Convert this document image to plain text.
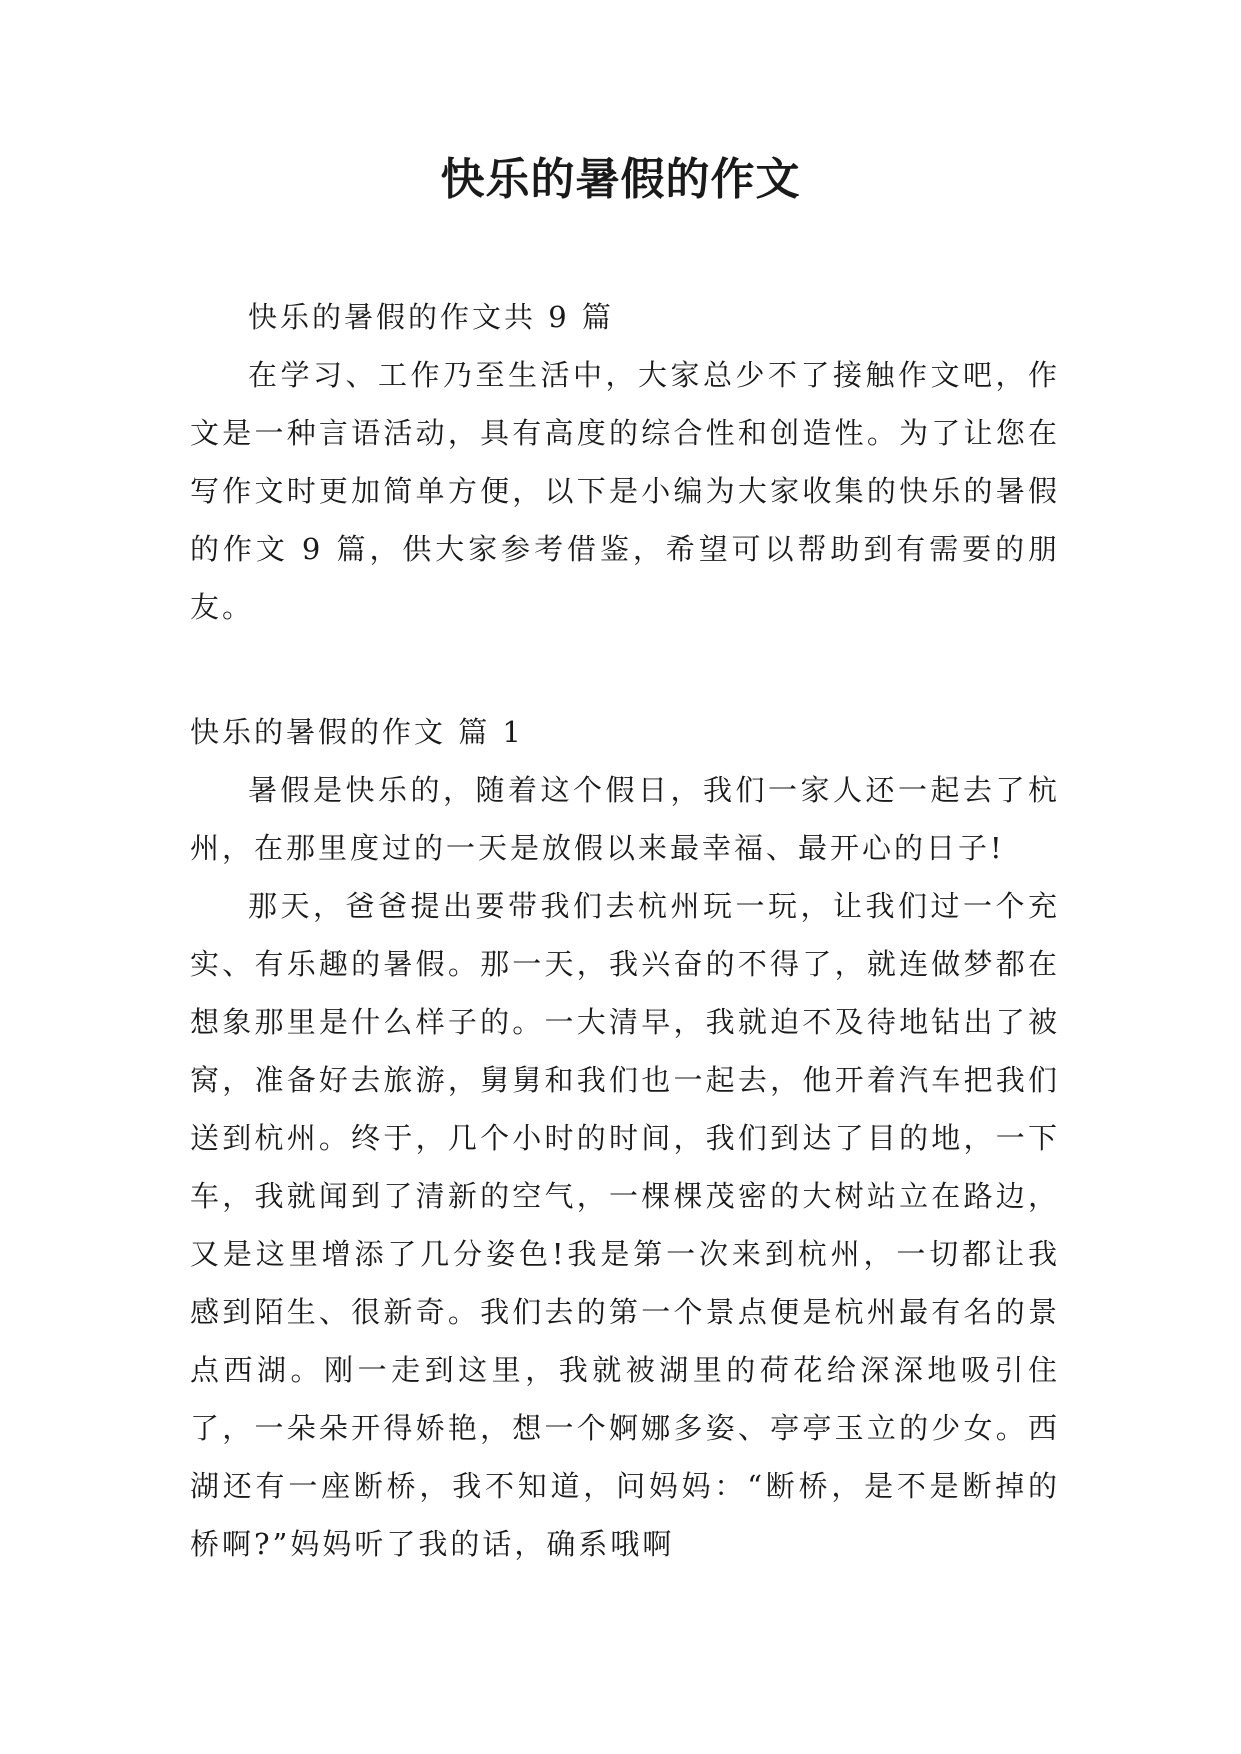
快乐的暑假的作文

快乐的暑假的作文共 9 篇

在学习、工作乃至生活中，大家总少不了接触作文吧，作文是一种言语活动，具有高度的综合性和创造性。为了让您在写作文时更加简单方便，以下是小编为大家收集的快乐的暑假的作文 9 篇，供大家参考借鉴，希望可以帮助到有需要的朋友。

快乐的暑假的作文 篇 1

暑假是快乐的，随着这个假日，我们一家人还一起去了杭州，在那里度过的一天是放假以来最幸福、最开心的日子!

那天，爸爸提出要带我们去杭州玩一玩，让我们过一个充实、有乐趣的暑假。那一天，我兴奋的不得了，就连做梦都在想象那里是什么样子的。一大清早，我就迫不及待地钻出了被窝，准备好去旅游，舅舅和我们也一起去，他开着汽车把我们送到杭州。终于，几个小时的时间，我们到达了目的地，一下车，我就闻到了清新的空气，一棵棵茂密的大树站立在路边，又是这里增添了几分姿色!我是第一次来到杭州，一切都让我感到陌生、很新奇。我们去的第一个景点便是杭州最有名的景点西湖。刚一走到这里，我就被湖里的荷花给深深地吸引住了，一朵朵开得娇艳，想一个婀娜多姿、亭亭玉立的少女。西湖还有一座断桥，我不知道，问妈妈：“断桥，是不是断掉的桥啊?”妈妈听了我的话，确系哦啊
